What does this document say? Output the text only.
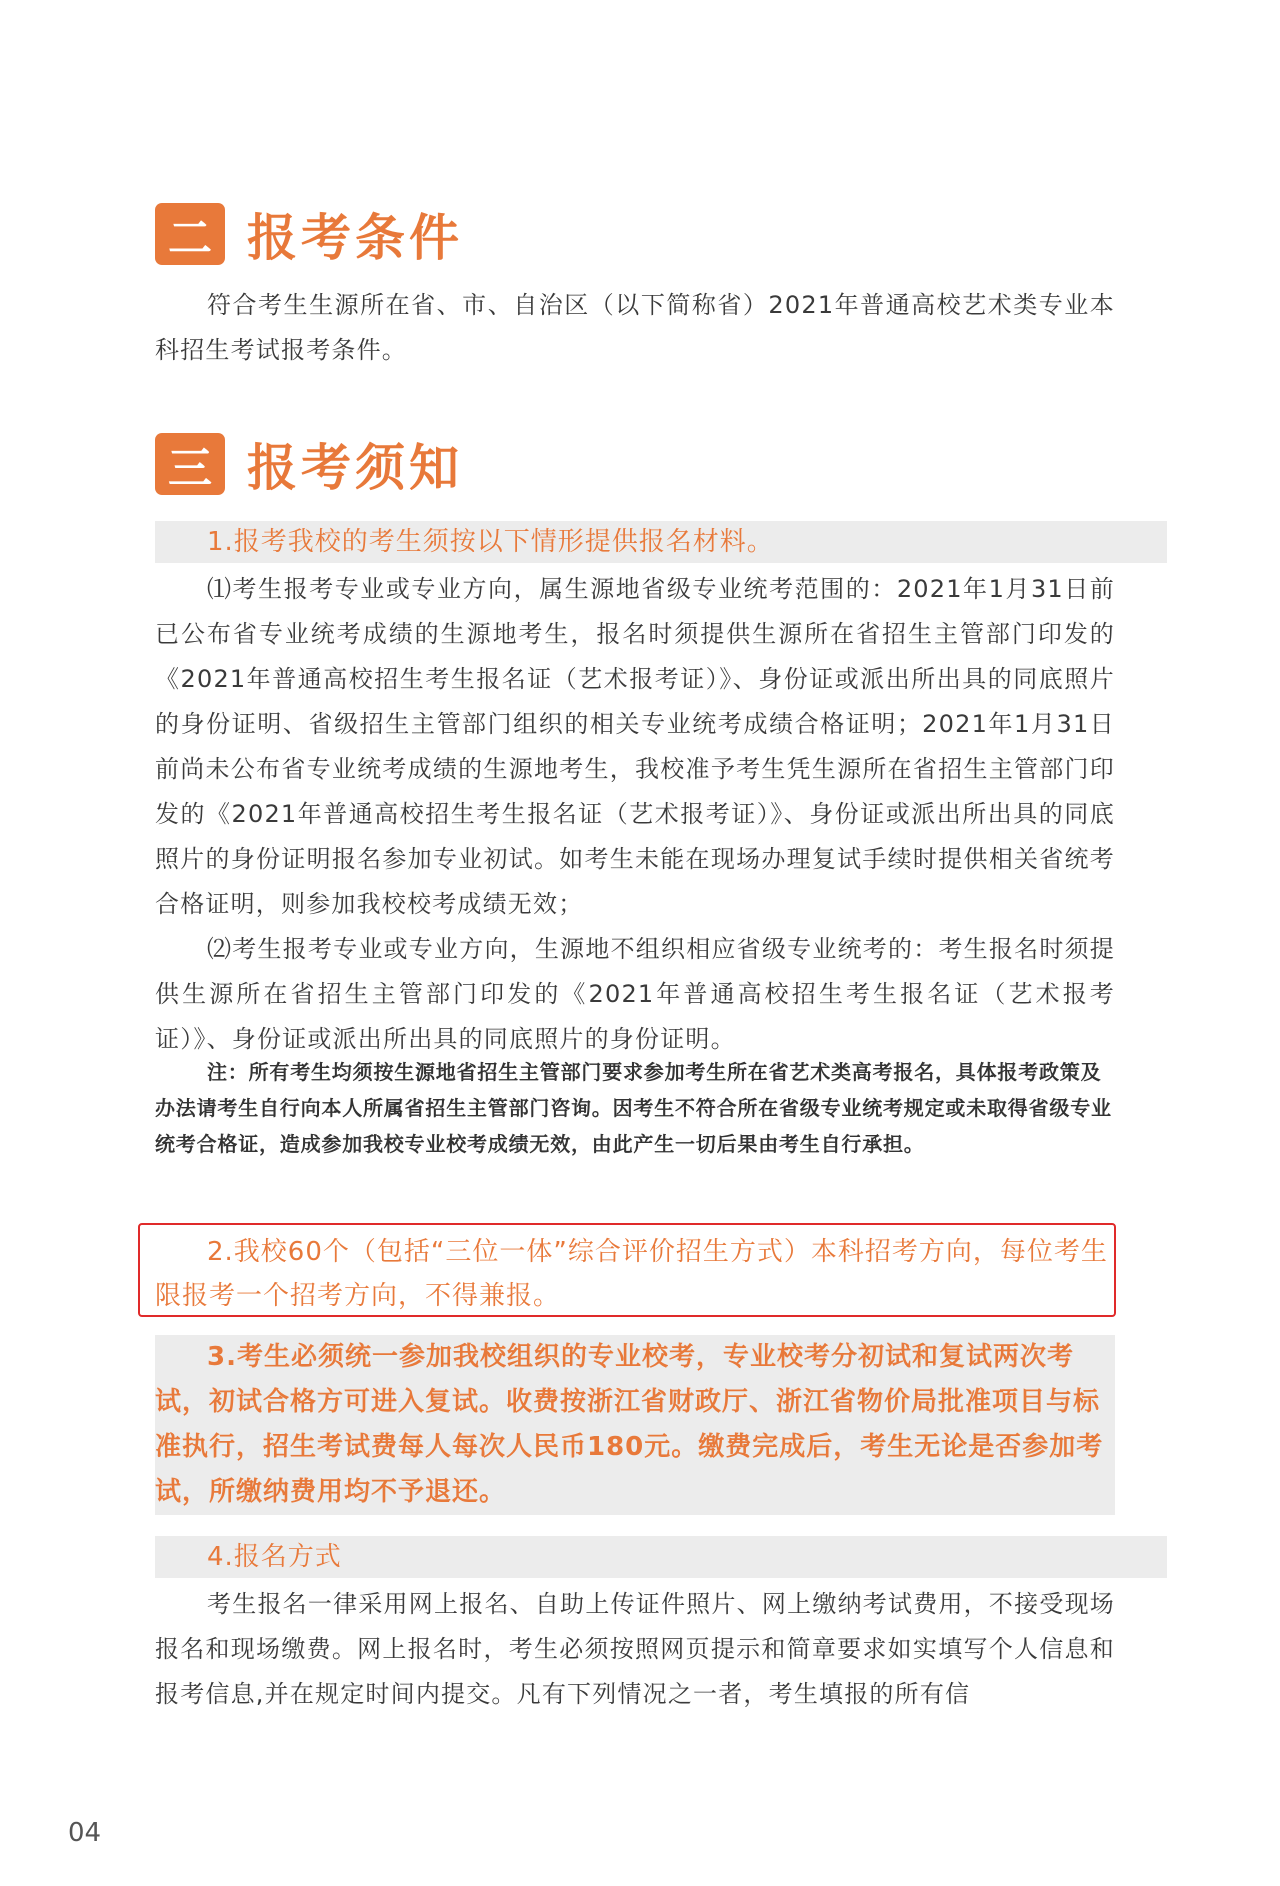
二 报考条件
符合考生生源所在省、市、自治区（以下简称省）2021年普通高校艺术类专业本科招生考试报考条件。
三 报考须知
1.报考我校的考生须按以下情形提供报名材料。
⑴考生报考专业或专业方向，属生源地省级专业统考范围的：2021年1月31日前已公布省专业统考成绩的生源地考生，报名时须提供生源所在省招生主管部门印发的《2021年普通高校招生考生报名证（艺术报考证）》、身份证或派出所出具的同底照片的身份证明、省级招生主管部门组织的相关专业统考成绩合格证明；2021年1月31日前尚未公布省专业统考成绩的生源地考生，我校准予考生凭生源所在省招生主管部门印发的《2021年普通高校招生考生报名证（艺术报考证）》、身份证或派出所出具的同底照片的身份证明报名参加专业初试。如考生未能在现场办理复试手续时提供相关省统考合格证明，则参加我校校考成绩无效；
⑵考生报考专业或专业方向，生源地不组织相应省级专业统考的：考生报名时须提供生源所在省招生主管部门印发的《2021年普通高校招生考生报名证（艺术报考证）》、身份证或派出所出具的同底照片的身份证明。
注：所有考生均须按生源地省招生主管部门要求参加考生所在省艺术类高考报名，具体报考政策及办法请考生自行向本人所属省招生主管部门咨询。因考生不符合所在省级专业统考规定或未取得省级专业统考合格证，造成参加我校专业校考成绩无效，由此产生一切后果由考生自行承担。
2.我校60个（包括“三位一体”综合评价招生方式）本科招考方向，每位考生限报考一个招考方向，不得兼报。
3.考生必须统一参加我校组织的专业校考，专业校考分初试和复试两次考试，初试合格方可进入复试。收费按浙江省财政厅、浙江省物价局批准项目与标准执行，招生考试费每人每次人民币180元。缴费完成后，考生无论是否参加考试，所缴纳费用均不予退还。
4.报名方式
考生报名一律采用网上报名、自助上传证件照片、网上缴纳考试费用，不接受现场报名和现场缴费。网上报名时，考生必须按照网页提示和简章要求如实填写个人信息和报考信息,并在规定时间内提交。凡有下列情况之一者，考生填报的所有信
04
